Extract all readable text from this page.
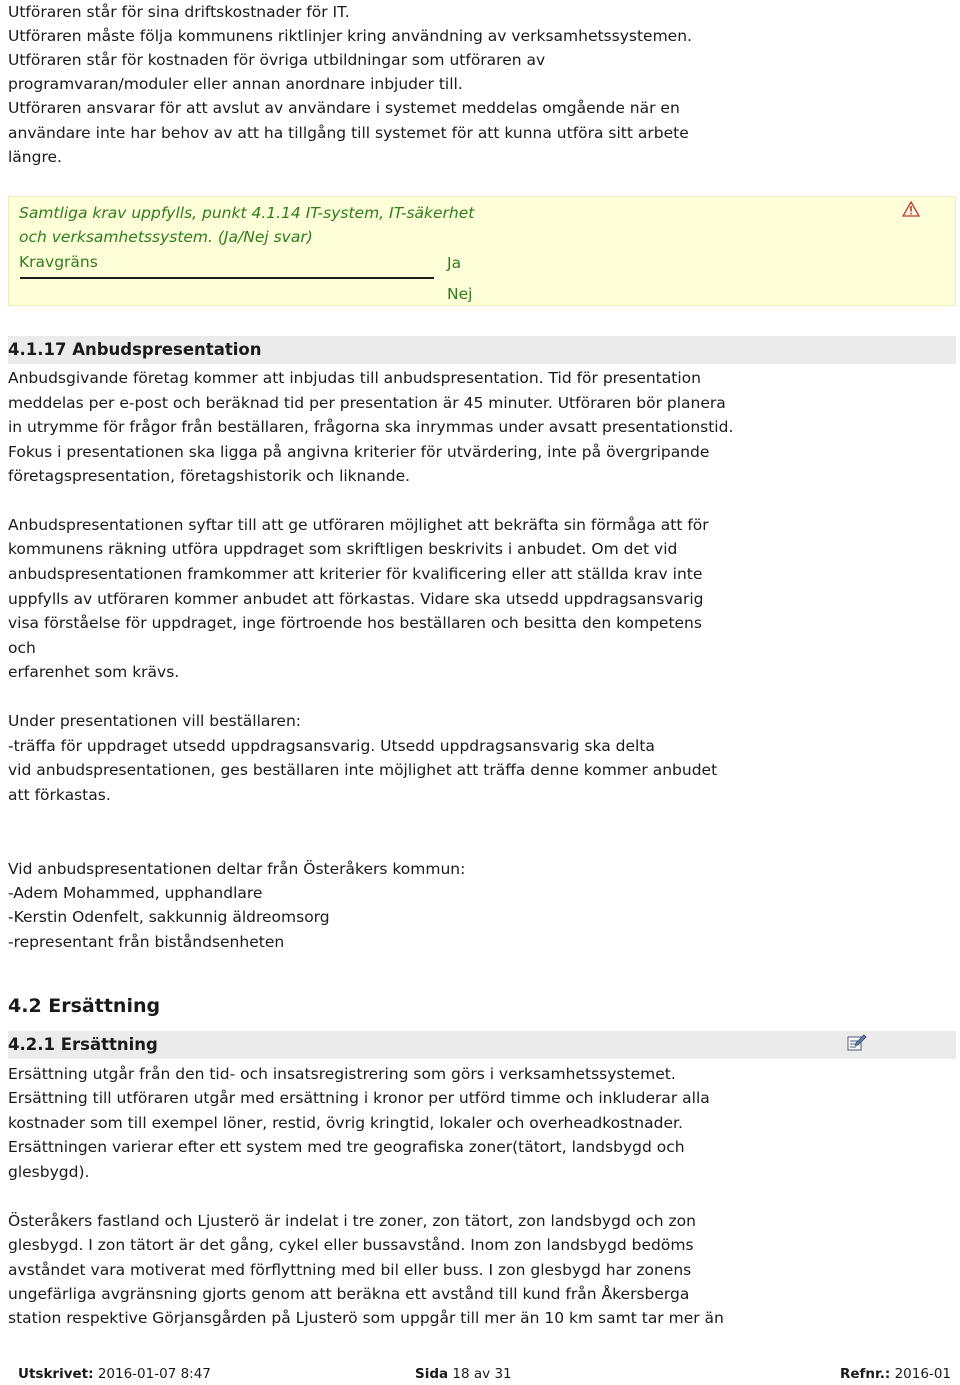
Utföraren står för sina driftskostnader för IT.
Utföraren måste följa kommunens riktlinjer kring användning av verksamhetssystemen.
Utföraren står för kostnaden för övriga utbildningar som utföraren av
programvaran/moduler eller annan anordnare inbjuder till.
Utföraren ansvarar för att avslut av användare i systemet meddelas omgående när en
användare inte har behov av att ha tillgång till systemet för att kunna utföra sitt arbete
längre.
Samtliga krav uppfylls, punkt 4.1.14 IT-system, IT-säkerhet
och verksamhetssystem. (Ja/Nej svar)
Kravgräns	Ja
Nej
4.1.17 Anbudspresentation
Anbudsgivande företag kommer att inbjudas till anbudspresentation. Tid för presentation
meddelas per e-post och beräknad tid per presentation är 45 minuter. Utföraren bör planera
in utrymme för frågor från beställaren, frågorna ska inrymmas under avsatt presentationstid.
Fokus i presentationen ska ligga på angivna kriterier för utvärdering, inte på övergripande
företagspresentation, företagshistorik och liknande.
Anbudspresentationen syftar till att ge utföraren möjlighet att bekräfta sin förmåga att för
kommunens räkning utföra uppdraget som skriftligen beskrivits i anbudet. Om det vid
anbudspresentationen framkommer att kriterier för kvalificering eller att ställda krav inte
uppfylls av utföraren kommer anbudet att förkastas. Vidare ska utsedd uppdragsansvarig
visa förståelse för uppdraget, inge förtroende hos beställaren och besitta den kompetens
och
erfarenhet som krävs.
Under presentationen vill beställaren:
-träffa för uppdraget utsedd uppdragsansvarig. Utsedd uppdragsansvarig ska delta
vid anbudspresentationen, ges beställaren inte möjlighet att träffa denne kommer anbudet
att förkastas.
Vid anbudspresentationen deltar från Österåkers kommun:
-Adem Mohammed, upphandlare
-Kerstin Odenfelt, sakkunnig äldreomsorg
-representant från biståndsenheten
4.2 Ersättning
4.2.1 Ersättning
Ersättning utgår från den tid- och insatsregistrering som görs i verksamhetssystemet.
Ersättning till utföraren utgår med ersättning i kronor per utförd timme och inkluderar alla
kostnader som till exempel löner, restid, övrig kringtid, lokaler och overheadkostnader.
Ersättningen varierar efter ett system med tre geografiska zoner(tätort, landsbygd och
glesbygd).
Österåkers fastland och Ljusterö är indelat i tre zoner, zon tätort, zon landsbygd och zon
glesbygd. I zon tätort är det gång, cykel eller bussavstånd. Inom zon landsbygd bedöms
avståndet vara motiverat med förflyttning med bil eller buss. I zon glesbygd har zonens
ungefärliga avgränsning gjorts genom att beräkna ett avstånd till kund från Åkersberga
station respektive Görjansgården på Ljusterö som uppgår till mer än 10 km samt tar mer än
Utskrivet: 2016-01-07 8:47	Sida 18 av 31	Refnr.: 2016-01
